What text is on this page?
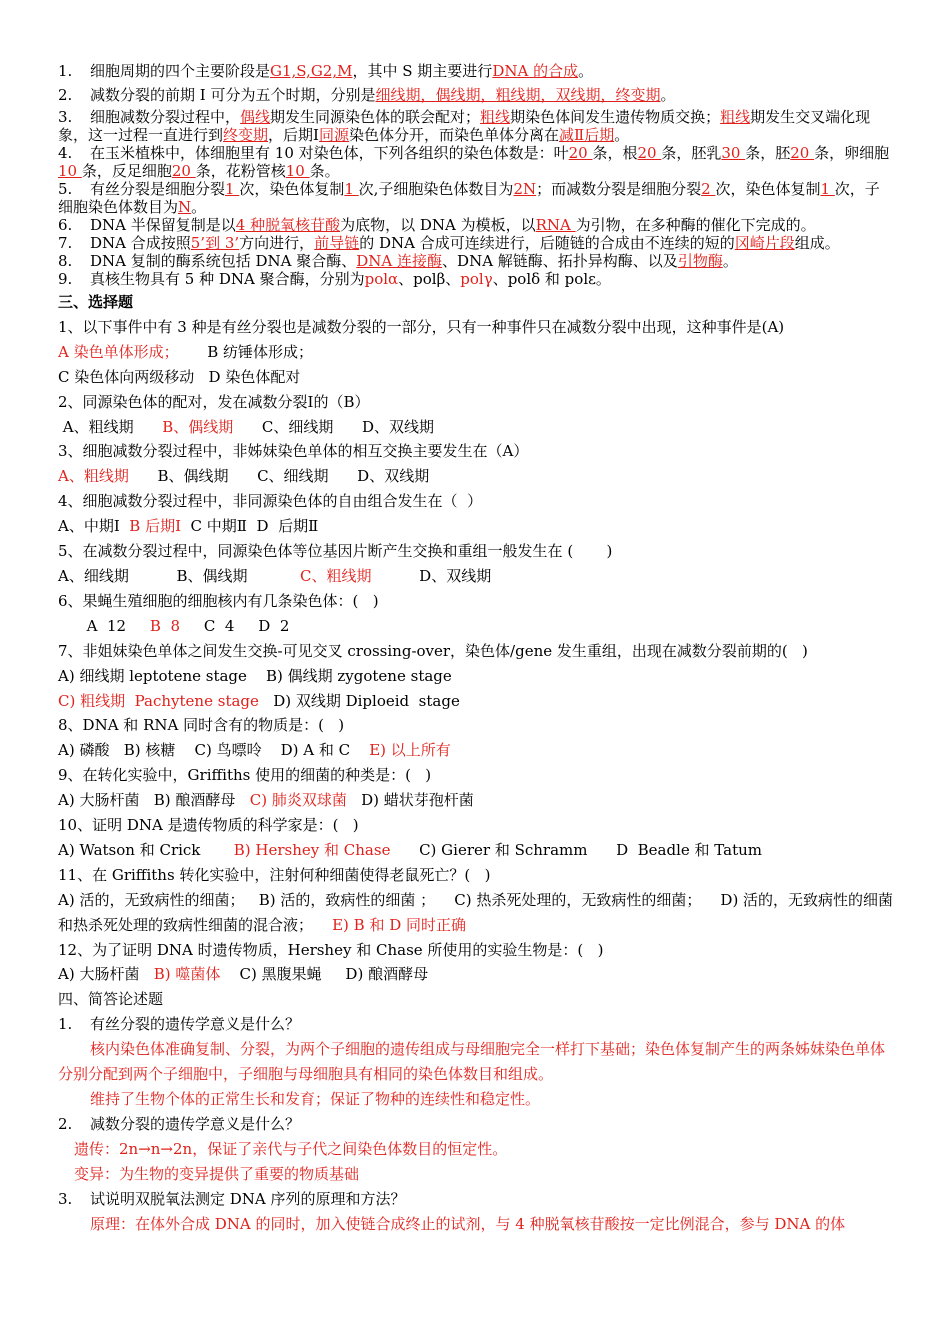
1. 细胞周期的四个主要阶段是G1,S,G2,M，其中 S 期主要进行DNA 的合成。

2. 减数分裂的前期 I 可分为五个时期，分别是细线期，偶线期，粗线期，双线期，终变期。

3. 细胞减数分裂过程中，偶线期发生同源染色体的联会配对；粗线期染色体间发生遗传物质交换；粗线期发生交叉端化现象，这一过程一直进行到终变期，后期Ⅰ同源染色体分开，而染色单体分离在减Ⅱ后期。

4. 在玉米植株中，体细胞里有 10 对染色体，下列各组织的染色体数是：叶20 条，根20 条，胚乳30 条，胚20 条，卵细胞10 条，反足细胞20 条，花粉管核10 条。

5. 有丝分裂是细胞分裂1 次，染色体复制1 次,子细胞染色体数目为2N；而减数分裂是细胞分裂2 次，染色体复制1 次，子细胞染色体数目为N。

6. DNA 半保留复制是以4 种脱氧核苷酸为底物，以 DNA 为模板，以RNA 为引物，在多种酶的催化下完成的。

7. DNA 合成按照5’到 3’方向进行，前导链的 DNA 合成可连续进行，后随链的合成由不连续的短的冈崎片段组成。

8. DNA 复制的酶系统包括 DNA 聚合酶、DNA 连接酶、DNA 解链酶、拓扑异构酶、以及引物酶。

9. 真核生物具有 5 种 DNA 聚合酶，分别为polα、polβ、polγ、polδ 和 polε。

三、选择题

1、以下事件中有 3 种是有丝分裂也是减数分裂的一部分，只有一种事件只在减数分裂中出现，这种事件是(A)

A 染色单体形成；      B 纺锤体形成；

C 染色体向两级移动   D 染色体配对

2、同源染色体的配对，发在减数分裂Ⅰ的（B）

A、粗线期      B、偶线期      C、细线期      D、双线期

3、细胞减数分裂过程中，非姊妹染色单体的相互交换主要发生在（A）

A、粗线期      B、偶线期      C、细线期      D、双线期

4、细胞减数分裂过程中，非同源染色体的自由组合发生在（  ）

A、中期Ⅰ  B 后期Ⅰ  C 中期Ⅱ  D  后期Ⅱ

5、在减数分裂过程中，同源染色体等位基因片断产生交换和重组一般发生在 (       )

A、细线期          B、偶线期           C、粗线期          D、双线期

6、果蝇生殖细胞的细胞核内有几条染色体：(   )

A  12     B  8     C  4     D  2

7、非姐妹染色单体之间发生交换-可见交叉 crossing-over，染色体/gene 发生重组，出现在减数分裂前期的(   )

A) 细线期 leptotene stage    B) 偶线期 zygotene stage

C) 粗线期  Pachytene stage   D) 双线期 Diploeid  stage

8、DNA 和 RNA 同时含有的物质是：(   )

A) 磷酸   B) 核糖    C) 鸟嘌呤    D) A 和 C    E) 以上所有

9、在转化实验中，Griffiths 使用的细菌的种类是：(   )

A) 大肠杆菌   B) 酿酒酵母   C) 肺炎双球菌   D) 蜡状芽孢杆菌

10、证明 DNA 是遗传物质的科学家是：(   )

A) Watson 和 Crick       B) Hershey 和 Chase      C) Gierer 和 Schramm      D  Beadle 和 Tatum

11、在 Griffiths 转化实验中，注射何种细菌使得老鼠死亡？(   )

A) 活的，无致病性的细菌；   B) 活的，致病性的细菌 ；    C) 热杀死处理的，无致病性的细菌；    D) 活的，无致病性的细菌和热杀死处理的致病性细菌的混合液；    E) B 和 D 同时正确

12、为了证明 DNA 时遗传物质，Hershey 和 Chase 所使用的实验生物是：(   )

A) 大肠杆菌   B) 噬菌体    C) 黑腹果蝇     D) 酿酒酵母

四、简答论述题

1. 有丝分裂的遗传学意义是什么？

核内染色体准确复制、分裂，为两个子细胞的遗传组成与母细胞完全一样打下基础；染色体复制产生的两条姊妹染色单体分别分配到两个子细胞中，子细胞与母细胞具有相同的染色体数目和组成。

维持了生物个体的正常生长和发育；保证了物种的连续性和稳定性。

2. 减数分裂的遗传学意义是什么？

遗传：2n→n→2n，保证了亲代与子代之间染色体数目的恒定性。

变异：为生物的变异提供了重要的物质基础

3. 试说明双脱氧法测定 DNA 序列的原理和方法？

原理：在体外合成 DNA 的同时，加入使链合成终止的试剂，与 4 种脱氧核苷酸按一定比例混合，参与 DNA 的体
